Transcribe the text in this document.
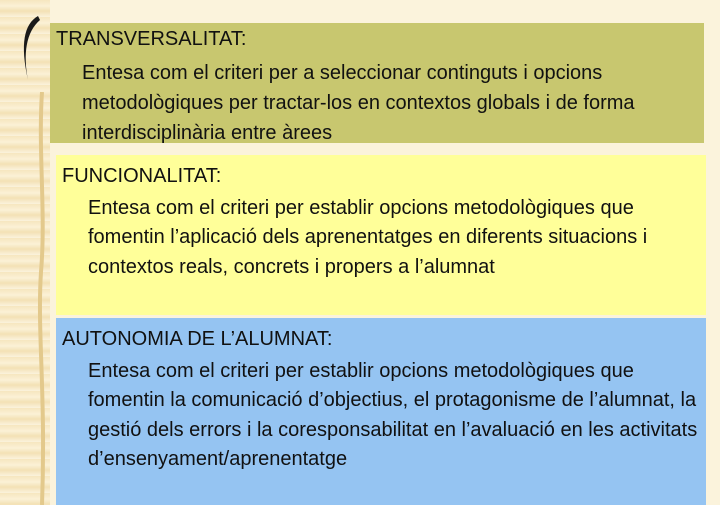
TRANSVERSALITAT:
Entesa com el criteri per a seleccionar continguts i opcions metodològiques per tractar-los en contextos globals i de forma interdisciplinària entre àrees
FUNCIONALITAT:
Entesa com el criteri per establir opcions metodològiques que fomentin l’aplicació dels aprenentatges en diferents situacions i contextos reals, concrets i propers a l’alumnat
AUTONOMIA DE L’ALUMNAT:
Entesa com el criteri per establir opcions metodològiques que fomentin la comunicació d’objectius, el protagonisme de l’alumnat, la gestió dels errors i la coresponsabilitat en l’avaluació en les activitats d’ensenyament/aprenentatge
